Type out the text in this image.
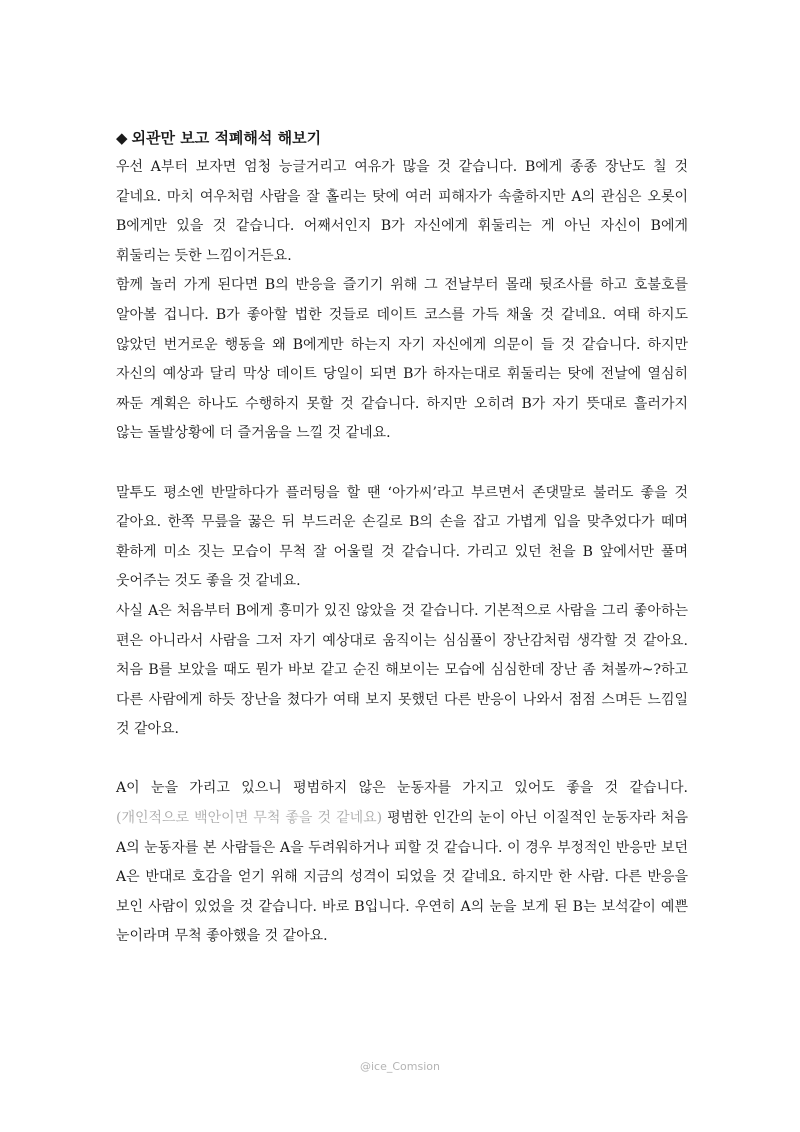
◆ 외관만 보고 적폐해석 해보기
우선 A부터 보자면 엄청 능글거리고 여유가 많을 것 같습니다. B에게 종종 장난도 칠 것 같네요. 마치 여우처럼 사람을 잘 홀리는 탓에 여러 피해자가 속출하지만 A의 관심은 오롯이 B에게만 있을 것 같습니다. 어째서인지 B가 자신에게 휘둘리는 게 아닌 자신이 B에게 휘둘리는 듯한 느낌이거든요.
함께 놀러 가게 된다면 B의 반응을 즐기기 위해 그 전날부터 몰래 뒷조사를 하고 호불호를 알아볼 겁니다. B가 좋아할 법한 것들로 데이트 코스를 가득 채울 것 같네요. 여태 하지도 않았던 번거로운 행동을 왜 B에게만 하는지 자기 자신에게 의문이 들 것 같습니다. 하지만 자신의 예상과 달리 막상 데이트 당일이 되면 B가 하자는대로 휘둘리는 탓에 전날에 열심히 짜둔 계획은 하나도 수행하지 못할 것 같습니다. 하지만 오히려 B가 자기 뜻대로 흘러가지 않는 돌발상황에 더 즐거움을 느낄 것 같네요.
말투도 평소엔 반말하다가 플러팅을 할 땐 ‘아가씨’라고 부르면서 존댓말로 불러도 좋을 것 같아요. 한쪽 무릎을 꿇은 뒤 부드러운 손길로 B의 손을 잡고 가볍게 입을 맞추었다가 떼며 환하게 미소 짓는 모습이 무척 잘 어울릴 것 같습니다. 가리고 있던 천을 B 앞에서만 풀며 웃어주는 것도 좋을 것 같네요.
사실 A은 처음부터 B에게 흥미가 있진 않았을 것 같습니다. 기본적으로 사람을 그리 좋아하는 편은 아니라서 사람을 그저 자기 예상대로 움직이는 심심풀이 장난감처럼 생각할 것 같아요. 처음 B를 보았을 때도 뭔가 바보 같고 순진 해보이는 모습에 심심한데 장난 좀 쳐볼까~?하고 다른 사람에게 하듯 장난을 쳤다가 여태 보지 못했던 다른 반응이 나와서 점점 스며든 느낌일 것 같아요.
A이 눈을 가리고 있으니 평범하지 않은 눈동자를 가지고 있어도 좋을 것 같습니다. (개인적으로 백안이면 무척 좋을 것 같네요) 평범한 인간의 눈이 아닌 이질적인 눈동자라 처음 A의 눈동자를 본 사람들은 A을 두려워하거나 피할 것 같습니다. 이 경우 부정적인 반응만 보던 A은 반대로 호감을 얻기 위해 지금의 성격이 되었을 것 같네요. 하지만 한 사람. 다른 반응을 보인 사람이 있었을 것 같습니다. 바로 B입니다. 우연히 A의 눈을 보게 된 B는 보석같이 예쁜 눈이라며 무척 좋아했을 것 같아요.
@ice_Comsion
